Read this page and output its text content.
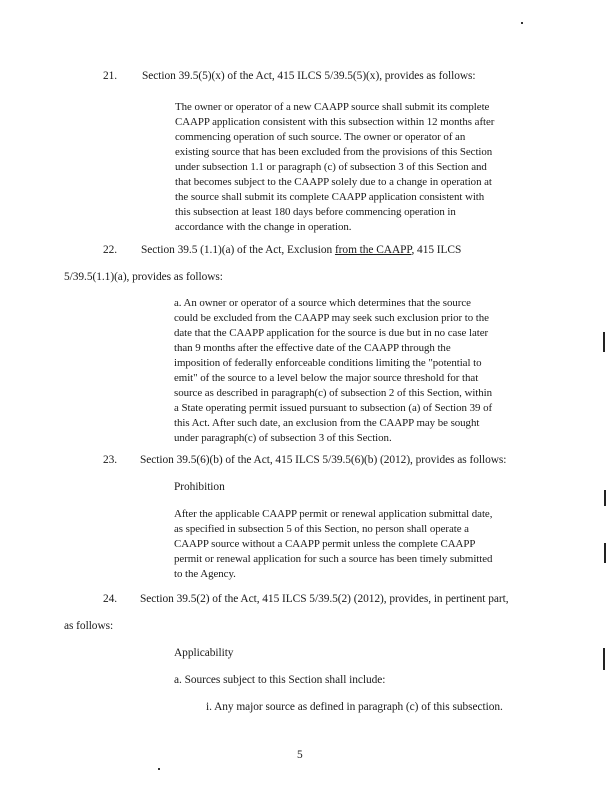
21. Section 39.5(5)(x) of the Act, 415 ILCS 5/39.5(5)(x), provides as follows:
The owner or operator of a new CAAPP source shall submit its complete
CAAPP application consistent with this subsection within 12 months after
commencing operation of such source. The owner or operator of an
existing source that has been excluded from the provisions of this Section
under subsection 1.1 or paragraph (c) of subsection 3 of this Section and
that becomes subject to the CAAPP solely due to a change in operation at
the source shall submit its complete CAAPP application consistent with
this subsection at least 180 days before commencing operation in
accordance with the change in operation.
22. Section 39.5 (1.1)(a) of the Act, Exclusion from the CAAPP, 415 ILCS
5/39.5(1.1)(a), provides as follows:
a. An owner or operator of a source which determines that the source
could be excluded from the CAAPP may seek such exclusion prior to the
date that the CAAPP application for the source is due but in no case later
than 9 months after the effective date of the CAAPP through the
imposition of federally enforceable conditions limiting the "potential to
emit" of the source to a level below the major source threshold for that
source as described in paragraph(c) of subsection 2 of this Section, within
a State operating permit issued pursuant to subsection (a) of Section 39 of
this Act. After such date, an exclusion from the CAAPP may be sought
under paragraph(c) of subsection 3 of this Section.
23. Section 39.5(6)(b) of the Act, 415 ILCS 5/39.5(6)(b) (2012), provides as follows:
Prohibition
After the applicable CAAPP permit or renewal application submittal date,
as specified in subsection 5 of this Section, no person shall operate a
CAAPP source without a CAAPP permit unless the complete CAAPP
permit or renewal application for such a source has been timely submitted
to the Agency.
24. Section 39.5(2) of the Act, 415 ILCS 5/39.5(2) (2012), provides, in pertinent part,
as follows:
Applicability
a. Sources subject to this Section shall include:
i. Any major source as defined in paragraph (c) of this subsection.
5
